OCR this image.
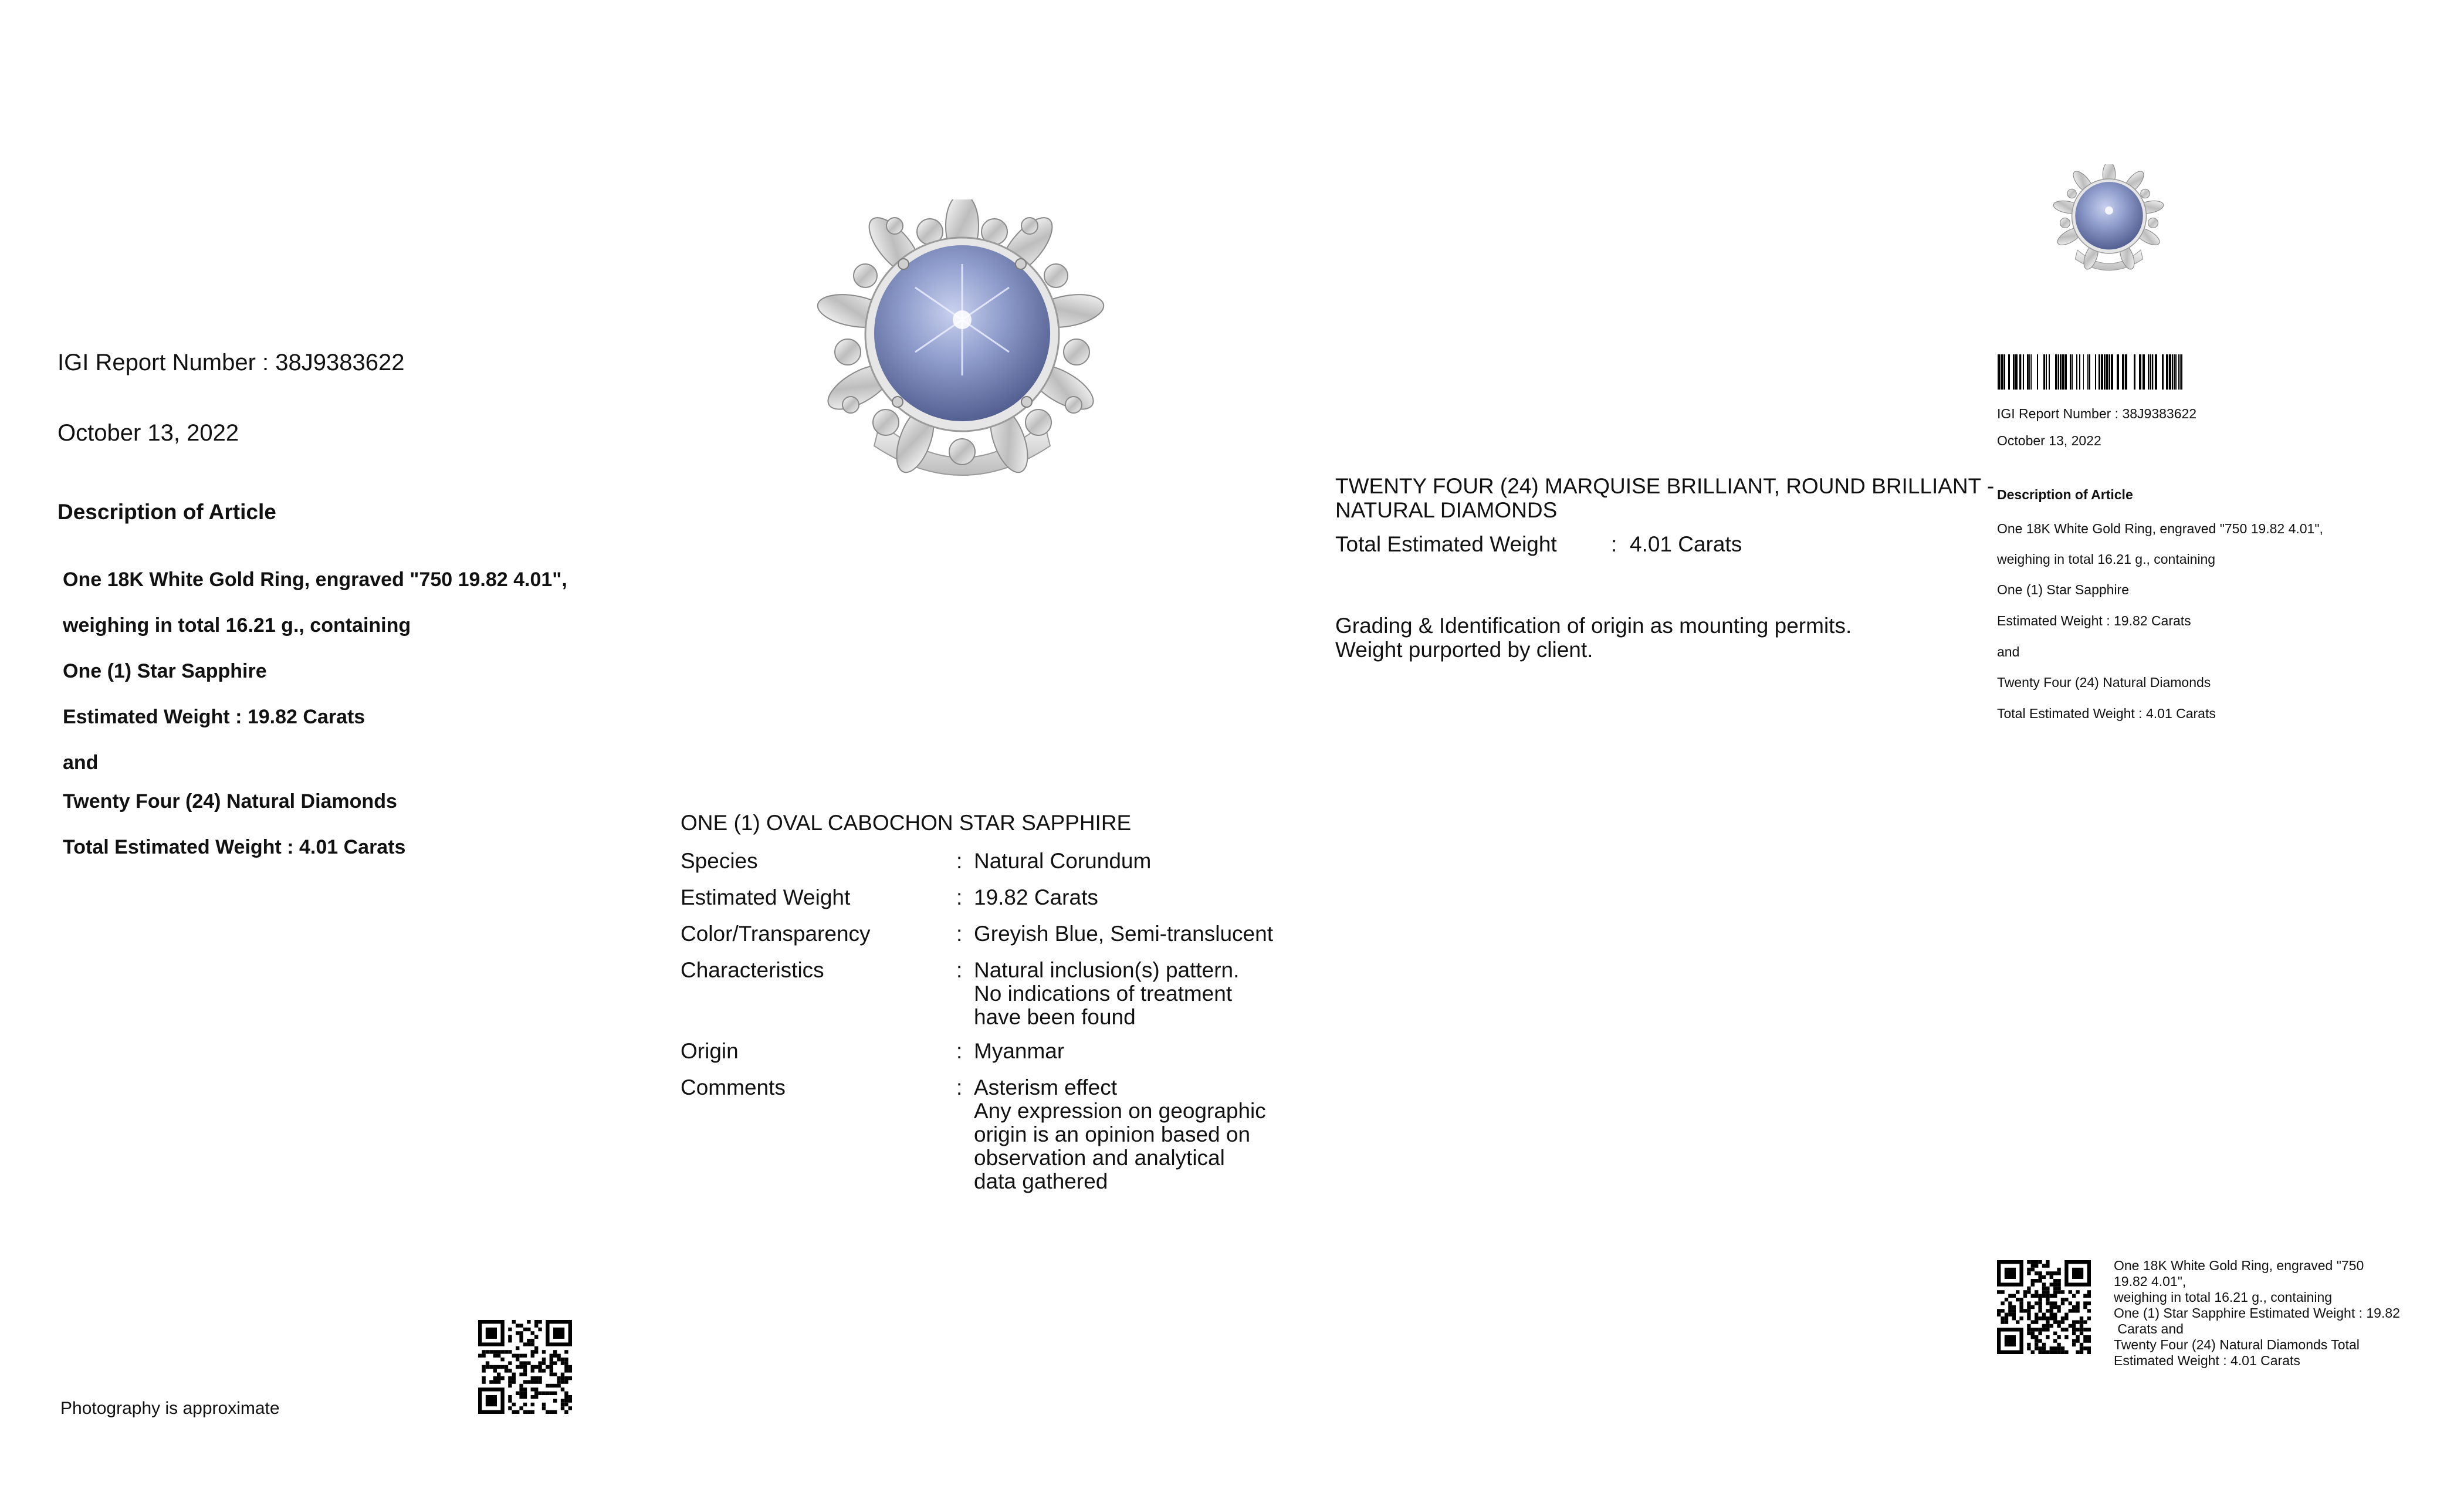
IGI Report Number : 38J9383622
October 13, 2022
Description of Article
One 18K White Gold Ring, engraved "750 19.82 4.01",
weighing in total 16.21 g., containing
One (1) Star Sapphire
Estimated Weight : 19.82 Carats
and
Twenty Four (24) Natural Diamonds
Total Estimated Weight : 4.01 Carats
Photography is approximate
ONE (1) OVAL CABOCHON STAR SAPPHIRE
Species	: Natural Corundum
Estimated Weight	: 19.82 Carats
Color/Transparency	: Greyish Blue, Semi-translucent
Characteristics	: Natural inclusion(s) pattern.
No indications of treatment
have been found
Origin	: Myanmar
Comments	: Asterism effect
Any expression on geographic
origin is an opinion based on
observation and analytical
data gathered
TWENTY FOUR (24) MARQUISE BRILLIANT, ROUND BRILLIANT -
NATURAL DIAMONDS
Total Estimated Weight : 4.01 Carats
Grading & Identification of origin as mounting permits.
Weight purported by client.
IGI Report Number : 38J9383622
October 13, 2022
Description of Article
One 18K White Gold Ring, engraved "750 19.82 4.01",
weighing in total 16.21 g., containing
One (1) Star Sapphire
Estimated Weight : 19.82 Carats
and
Twenty Four (24) Natural Diamonds
Total Estimated Weight : 4.01 Carats
One 18K White Gold Ring, engraved "750
19.82 4.01",
weighing in total 16.21 g., containing
One (1) Star Sapphire Estimated Weight : 19.82
Carats and
Twenty Four (24) Natural Diamonds Total
Estimated Weight : 4.01 Carats
